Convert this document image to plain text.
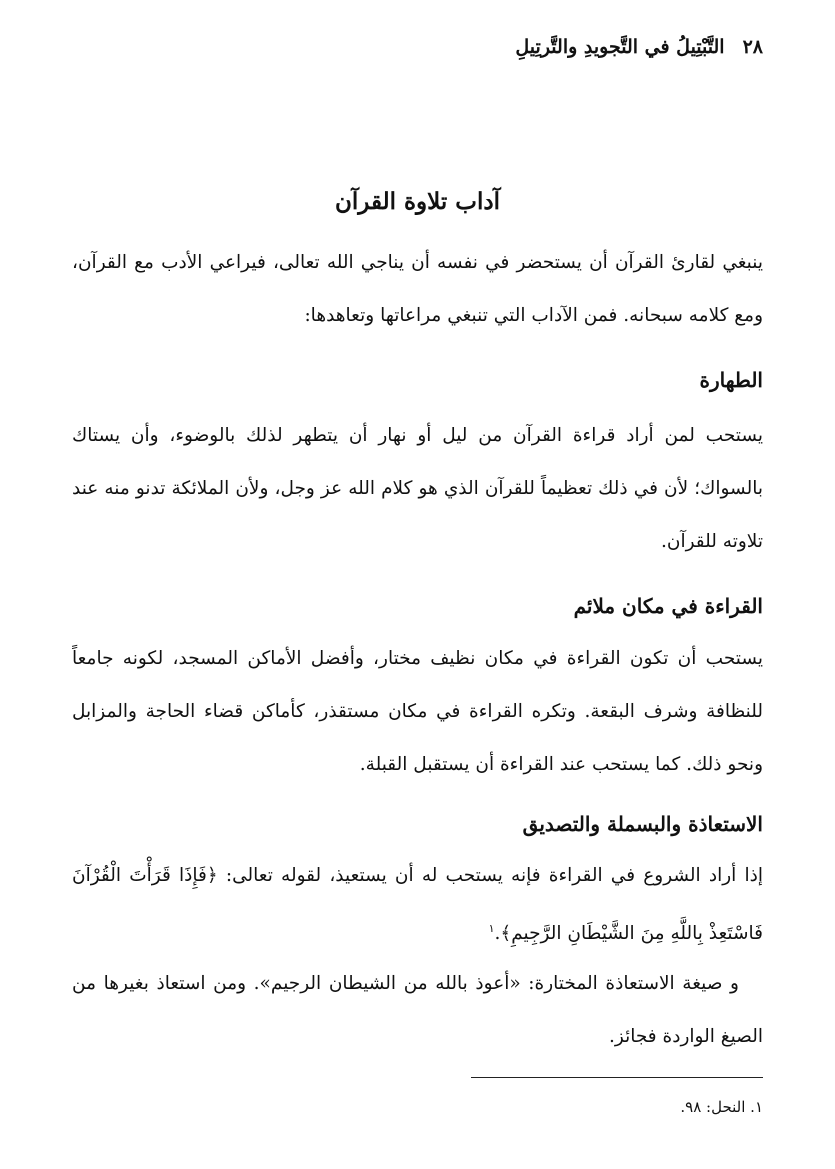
٢٨التَّبْتِيلُ في التَّجويدِ والتَّرتِيلِ
آداب تلاوة القرآن
ينبغي لقارئ القرآن أن يستحضر في نفسه أن يناجي الله تعالى، فيراعي الأدب مع القرآن، ومع كلامه سبحانه. فمن الآداب التي تنبغي مراعاتها وتعاهدها:
الطهارة
يستحب لمن أراد قراءة القرآن من ليل أو نهار أن يتطهر لذلك بالوضوء، وأن يستاك بالسواك؛ لأن في ذلك تعظيماً للقرآن الذي هو كلام الله عز وجل، ولأن الملائكة تدنو منه عند تلاوته للقرآن.
القراءة في مكان ملائم
يستحب أن تكون القراءة في مكان نظيف مختار، وأفضل الأماكن المسجد، لكونه جامعاً للنظافة وشرف البقعة. وتكره القراءة في مكان مستقذر، كأماكن قضاء الحاجة والمزابل ونحو ذلك. كما يستحب عند القراءة أن يستقبل القبلة.
الاستعاذة والبسملة والتصديق
إذا أراد الشروع في القراءة فإنه يستحب له أن يستعيذ، لقوله تعالى: ﴿فَإِذَا قَرَأْتَ الْقُرْآنَ فَاسْتَعِذْ بِاللَّهِ مِنَ الشَّيْطَانِ الرَّجِيمِ﴾.$^١$
و صيغة الاستعاذة المختارة: «أعوذ بالله من الشيطان الرجيم». ومن استعاذ بغيرها من الصيغ الواردة فجائز.
١. النحل: ٩٨.
